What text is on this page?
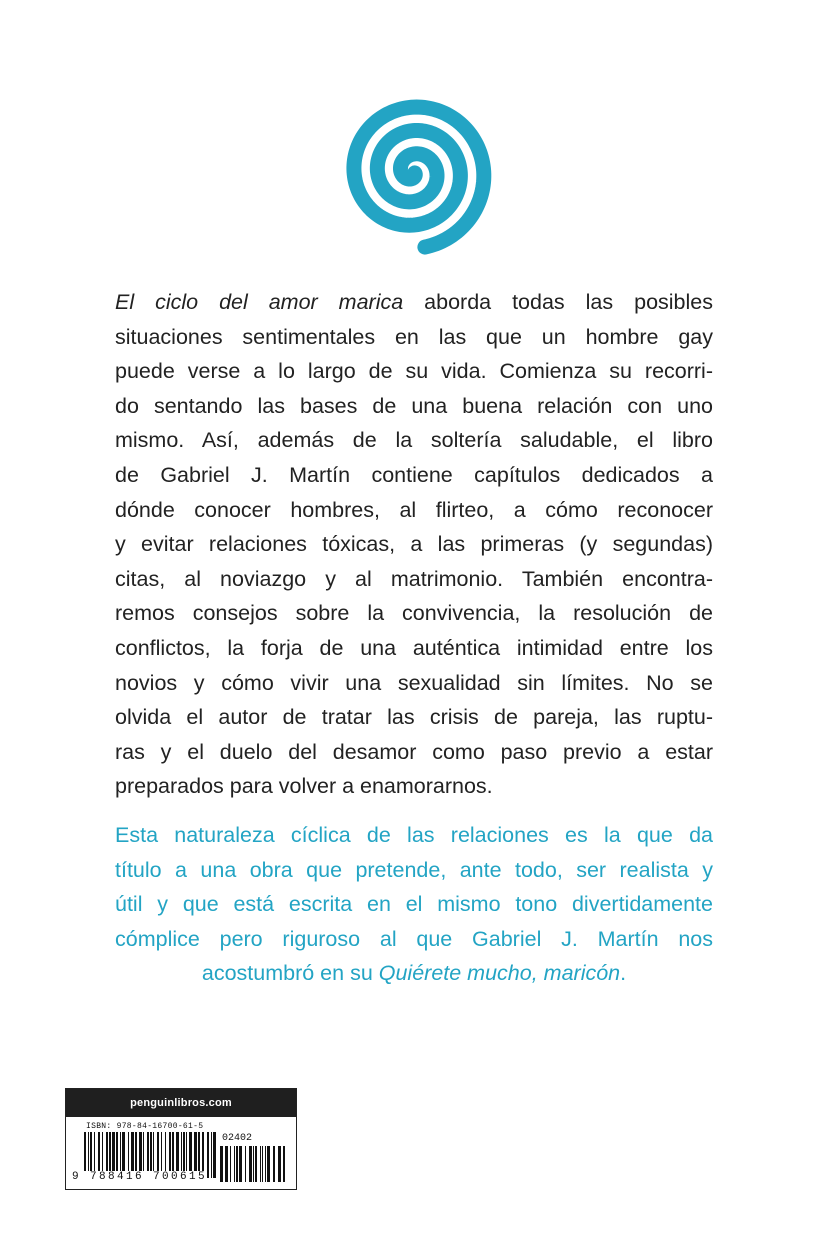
El ciclo del amor marica aborda todas las posibles
situaciones sentimentales en las que un hombre gay
puede verse a lo largo de su vida. Comienza su recorri-
do sentando las bases de una buena relación con uno
mismo. Así, además de la soltería saludable, el libro
de Gabriel J. Martín contiene capítulos dedicados a
dónde conocer hombres, al flirteo, a cómo reconocer
y evitar relaciones tóxicas, a las primeras (y segundas)
citas, al noviazgo y al matrimonio. También encontra-
remos consejos sobre la convivencia, la resolución de
conflictos, la forja de una auténtica intimidad entre los
novios y cómo vivir una sexualidad sin límites. No se
olvida el autor de tratar las crisis de pareja, las ruptu-
ras y el duelo del desamor como paso previo a estar
preparados para volver a enamorarnos.
Esta naturaleza cíclica de las relaciones es la que da
título a una obra que pretende, ante todo, ser realista y
útil y que está escrita en el mismo tono divertidamente
cómplice pero riguroso al que Gabriel J. Martín nos
acostumbró en su Quiérete mucho, maricón.
penguinlibros.com
ISBN: 978-84-16700-61-5
02402
9 788416 700615
